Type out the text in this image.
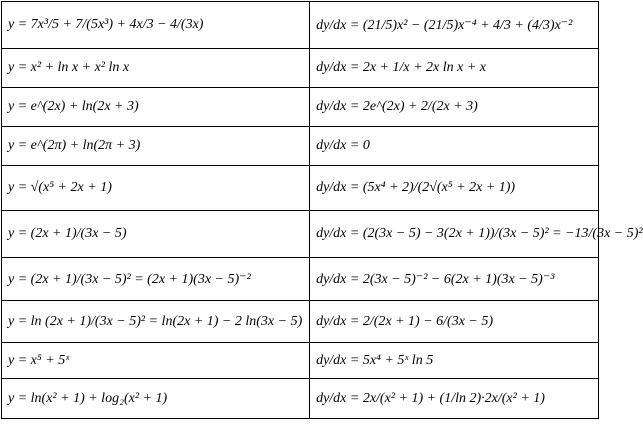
y = 7x³/5 + 7/(5x³) + 4x/3 − 4/(3x)	dy/dx = (21/5)x² − (21/5)x⁻⁴ + 4/3 + (4/3)x⁻²
y = x² + ln x + x² ln x	dy/dx = 2x + 1/x + 2x ln x + x
y = e^(2x) + ln(2x + 3)	dy/dx = 2e^(2x) + 2/(2x + 3)
y = e^(2π) + ln(2π + 3)	dy/dx = 0
y = √(x⁵ + 2x + 1)	dy/dx = (5x⁴ + 2)/(2√(x⁵ + 2x + 1))
y = (2x + 1)/(3x − 5)	dy/dx = (2(3x − 5) − 3(2x + 1))/(3x − 5)² = −13/(3x − 5)²
y = (2x + 1)/(3x − 5)² = (2x + 1)(3x − 5)⁻²	dy/dx = 2(3x − 5)⁻² − 6(2x + 1)(3x − 5)⁻³
y = ln (2x + 1)/(3x − 5)² = ln(2x + 1) − 2 ln(3x − 5)	dy/dx = 2/(2x + 1) − 6/(3x − 5)
y = x⁵ + 5ˣ	dy/dx = 5x⁴ + 5ˣ ln 5
y = ln(x² + 1) + log₂(x² + 1)	dy/dx = 2x/(x² + 1) + (1/ln 2)·2x/(x² + 1)
